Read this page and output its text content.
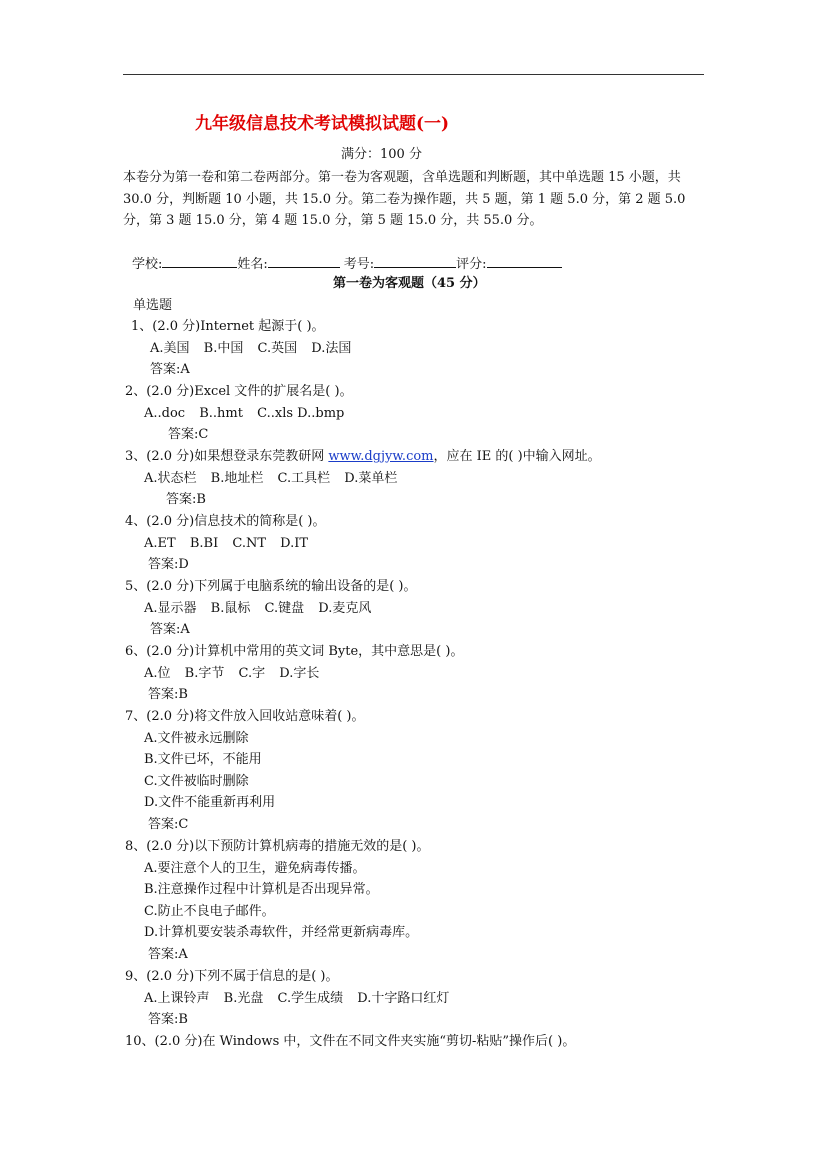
九年级信息技术考试模拟试题(一)
满分：100 分
本卷分为第一卷和第二卷两部分。第一卷为客观题，含单选题和判断题，其中单选题 15 小题，共 30.0 分，判断题 10 小题，共 15.0 分。第二卷为操作题，共 5 题，第 1 题 5.0 分，第 2 题 5.0 分，第 3 题 15.0 分，第 4 题 15.0 分，第 5 题 15.0 分，共 55.0 分。
学校:	姓名:	考号:	评分:
第一卷为客观题（45 分）
单选题
1、(2.0 分)Internet 起源于( )。
A.美国 B.中国 C.英国 D.法国
答案:A
2、(2.0 分)Excel 文件的扩展名是( )。
A..doc B..hmt C..xls D..bmp
答案:C
3、(2.0 分)如果想登录东莞教研网 www.dgjyw.com，应在 IE 的( )中输入网址。
A.状态栏 B.地址栏 C.工具栏 D.菜单栏
答案:B
4、(2.0 分)信息技术的简称是( )。
A.ET B.BI C.NT D.IT
答案:D
5、(2.0 分)下列属于电脑系统的输出设备的是( )。
A.显示器 B.鼠标 C.键盘 D.麦克风
答案:A
6、(2.0 分)计算机中常用的英文词 Byte，其中意思是( )。
A.位 B.字节 C.字 D.字长
答案:B
7、(2.0 分)将文件放入回收站意味着( )。
A.文件被永远删除
B.文件已坏，不能用
C.文件被临时删除
D.文件不能重新再利用
答案:C
8、(2.0 分)以下预防计算机病毒的措施无效的是( )。
A.要注意个人的卫生，避免病毒传播。
B.注意操作过程中计算机是否出现异常。
C.防止不良电子邮件。
D.计算机要安装杀毒软件，并经常更新病毒库。
答案:A
9、(2.0 分)下列不属于信息的是( )。
A.上课铃声 B.光盘 C.学生成绩 D.十字路口红灯
答案:B
10、(2.0 分)在 Windows 中，文件在不同文件夹实施“剪切-粘贴”操作后( )。
